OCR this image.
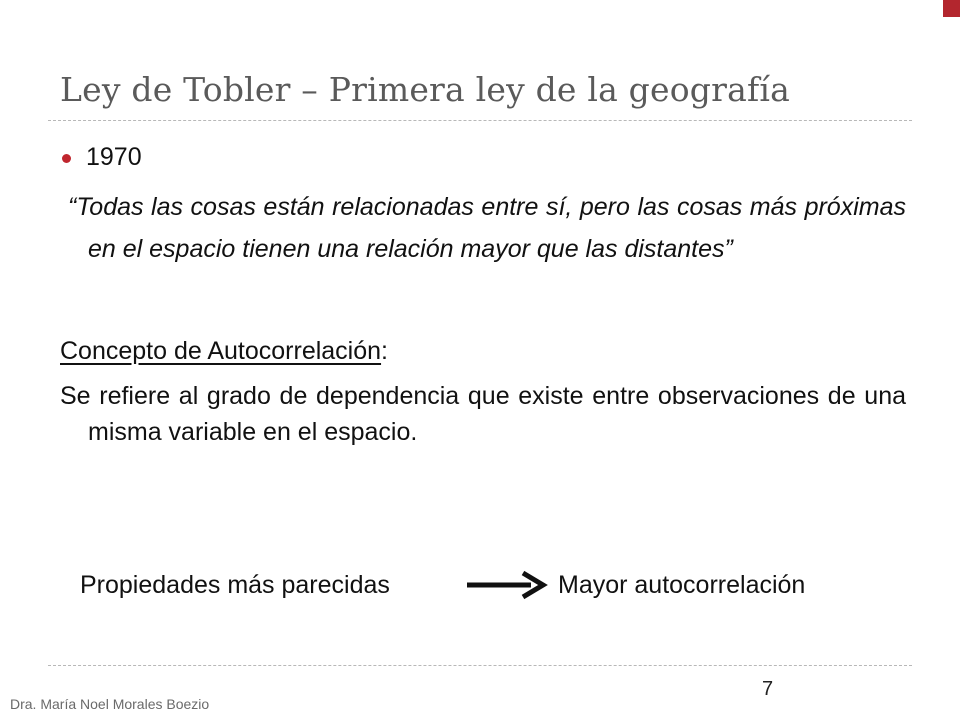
Ley de Tobler – Primera ley de la geografía
1970
“Todas las cosas están relacionadas entre sí, pero las cosas más próximas en el espacio tienen una relación mayor que las distantes”
Concepto de Autocorrelación:
Se refiere al grado de dependencia que existe entre observaciones de una misma variable en el espacio.
Propiedades más parecidas	Mayor autocorrelación
Dra. María Noel Morales Boezio
7
